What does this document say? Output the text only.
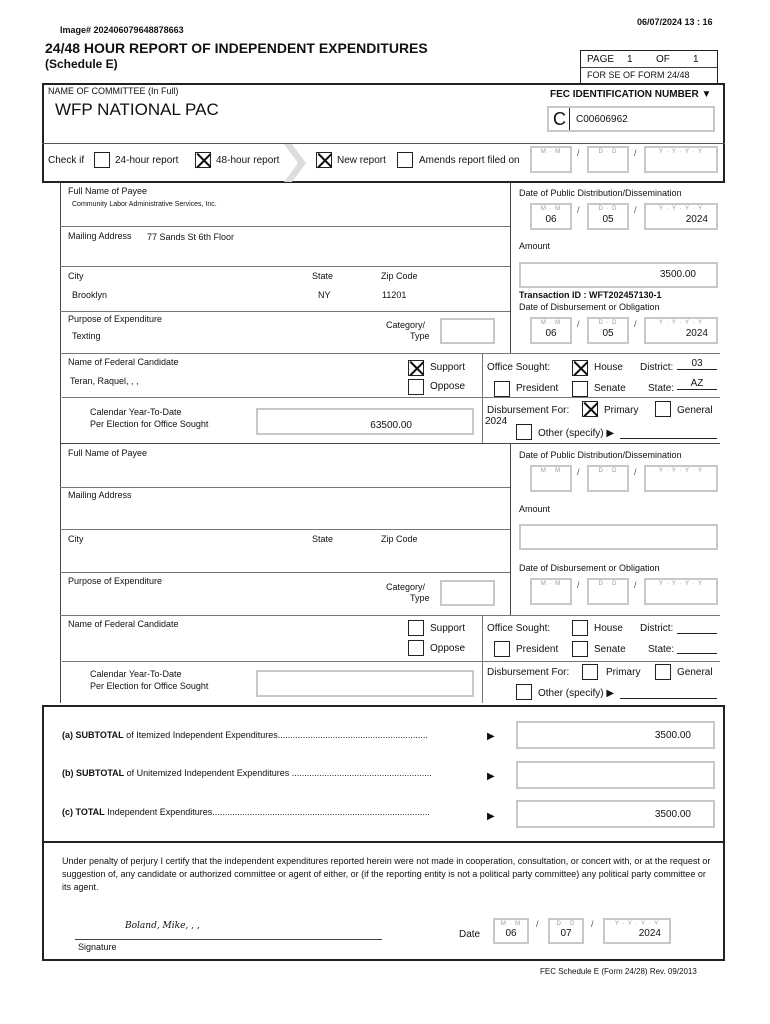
Image# 202406079648878663
06/07/2024 13 : 16
24/48 HOUR REPORT OF INDEPENDENT EXPENDITURES
(Schedule E)	PAGE 1 OF 1
FOR SE OF FORM 24/48
NAME OF COMMITTEE (In Full)
WFP NATIONAL PAC
FEC IDENTIFICATION NUMBER ▼
C C00606962
Check if	24-hour report	48-hour report	New report	Amends report filed on
M · M	/	D · D	/	Y · Y · Y · Y
Full Name of Payee
Community Labor Administrative Services, Inc.
Mailing Address 77 Sands St 6th Floor
City	State	Zip Code
Brooklyn	NY	11201
Purpose of Expenditure
Texting
Category/
Type
Name of Federal Candidate
Teran, Raquel, , ,
Support
Oppose
Office Sought:	House District:	03
President	Senate State:	AZ
Calendar Year-To-Date
Per Election for Office Sought	63500.00
Disbursement For:
2024
Primary	General
Other (specify) ▶
Date of Public Distribution/Dissemination
M · M
06
/	D · D
05
/	Y · Y · Y · Y
2024
Amount
3500.00
Transaction ID : WFT202457130-1
Date of Disbursement or Obligation
M · M
06
/	D · D
05
/	Y · Y · Y · Y
2024
Full Name of Payee
Mailing Address
City	State	Zip Code
Purpose of Expenditure
Category/
Type
Name of Federal Candidate	Support
Oppose
Office Sought:	House District:
President	Senate State:
Calendar Year-To-Date
Per Election for Office Sought
Disbursement For:	Primary	General
Other (specify) ▶
Date of Public Distribution/Dissemination
M · M	/	D · D	/	Y · Y · Y · Y
Amount
Date of Disbursement or Obligation
M · M	/	D · D	/	Y · Y · Y · Y
(a) SUBTOTAL of Itemized Independent Expenditures............................................................	▶	3500.00
(b) SUBTOTAL of Unitemized Independent Expenditures ........................................................	▶
(c) TOTAL Independent Expenditures.......................................................................................	▶	3500.00
Under penalty of perjury I certify that the independent expenditures reported herein were not made in cooperation, consultation, or concert with, or at the request or suggestion of, any candidate or authorized committee or agent of either, or (if the reporting entity is not a political party committee) any political party committee or its agent.
Boland, Mike, , ,
Signature
Date
M · M
06
/	D · D
07
/	Y · Y · Y · Y
2024
FEC Schedule E (Form 24/28) Rev. 09/2013
